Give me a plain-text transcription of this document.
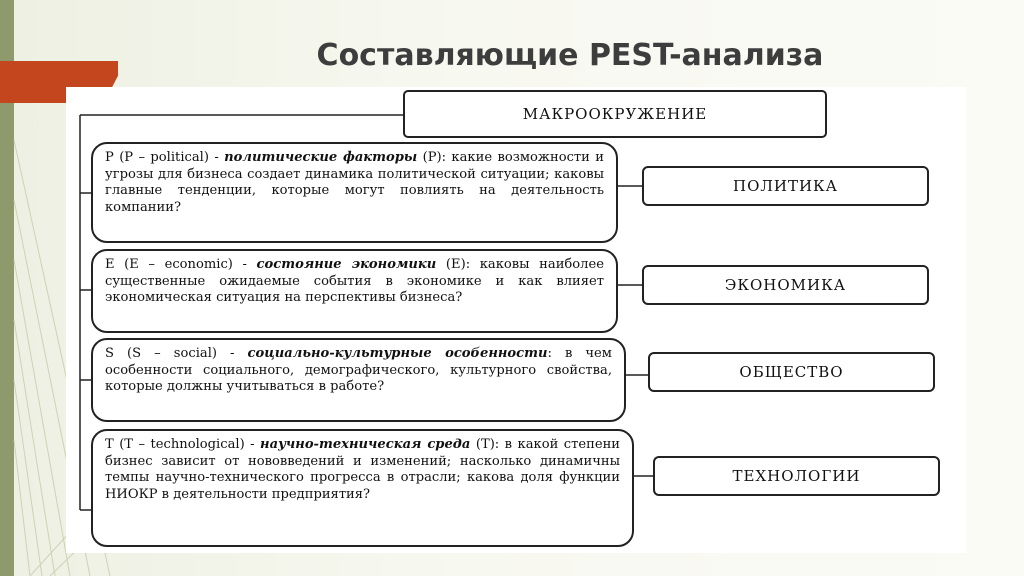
Составляющие PEST-анализа
МАКРООКРУЖЕНИЕ
P (P – political) - политические факторы (P): какие возможности и угрозы для бизнеса создает динамика политической ситуации; каковы главные тенденции, которые могут повлиять на деятельность компании?
ПОЛИТИКА
E (E – economic) - состояние экономики (E): каковы наиболее существенные ожидаемые события в экономике и как влияет экономическая ситуация на перспективы бизнеса?
ЭКОНОМИКА
S (S – social) - социально-культурные особенности: в чем особенности социального, демографического, культурного свойства, которые должны учитываться в работе?
ОБЩЕСТВО
T (T – technological) - научно-техническая среда (T): в какой степени бизнес зависит от нововведений и изменений; насколько динамичны темпы научно-технического прогресса в отрасли; какова доля функции НИОКР в деятельности предприятия?
ТЕХНОЛОГИИ
